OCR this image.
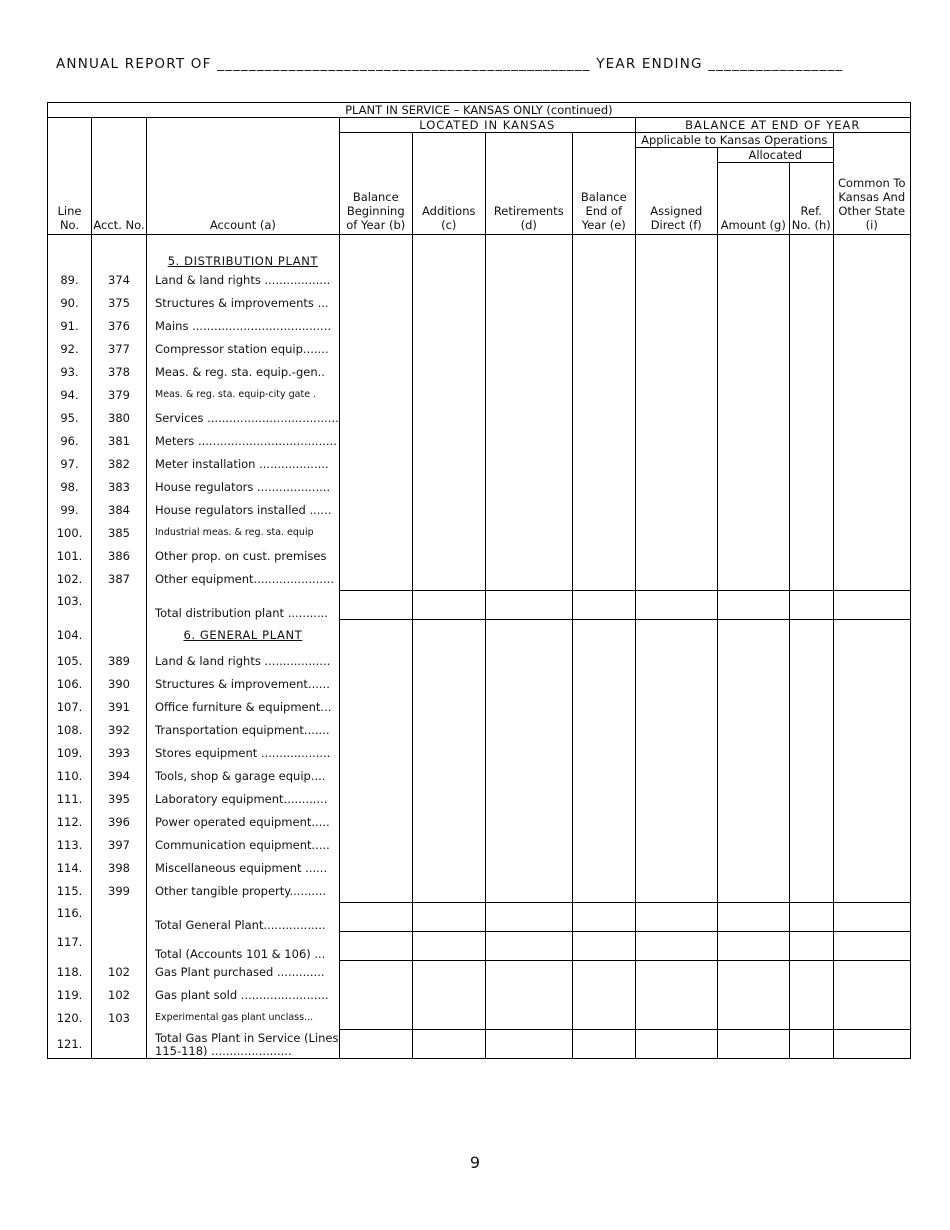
ANNUAL REPORT OF _______________________________________________ YEAR ENDING _________________
PLANT IN SERVICE – KANSAS ONLY (continued)										
Line No.	Acct. No.	Account (a)	LOCATED IN KANSAS				BALANCE AT END OF YEAR			
			Balance Beginning of Year (b)	Additions (c)	Retirements (d)	Balance End of Year (e)	Applicable to Kansas Operations			Common To Kansas And Other State (i)
							Assigned Direct (f)	Allocated		
								Amount (g)	Ref. No. (h)	
		5. DISTRIBUTION PLANT								
89.	374	Land & land rights ..................								
90.	375	Structures & improvements ...								
91.	376	Mains ......................................								
92.	377	Compressor station equip.......								
93.	378	Meas. & reg. sta. equip.-gen..								
94.	379	Meas. & reg. sta. equip-city gate .								
95.	380	Services ....................................								
96.	381	Meters ......................................								
97.	382	Meter installation ...................								
98.	383	House regulators ....................								
99.	384	House regulators installed ......								
100.	385	Industrial meas. & reg. sta. equip								
101.	386	Other prop. on cust. premises								
102.	387	Other equipment......................								
103.		Total distribution plant ...........								
104.		6. GENERAL PLANT								
105.	389	Land & land rights ..................								
106.	390	Structures & improvement......								
107.	391	Office furniture & equipment...								
108.	392	Transportation equipment.......								
109.	393	Stores equipment ...................								
110.	394	Tools, shop & garage equip....								
111.	395	Laboratory equipment............								
112.	396	Power operated equipment.....								
113.	397	Communication equipment.....								
114.	398	Miscellaneous equipment ......								
115.	399	Other tangible property..........								
116.		Total General Plant.................								
117.		Total (Accounts 101 & 106) ...								
118.	102	Gas Plant purchased .............								
119.	102	Gas plant sold ........................								
120.	103	Experimental gas plant unclass...								
121.		Total Gas Plant in Service (Lines 115-118) ......................								
9
